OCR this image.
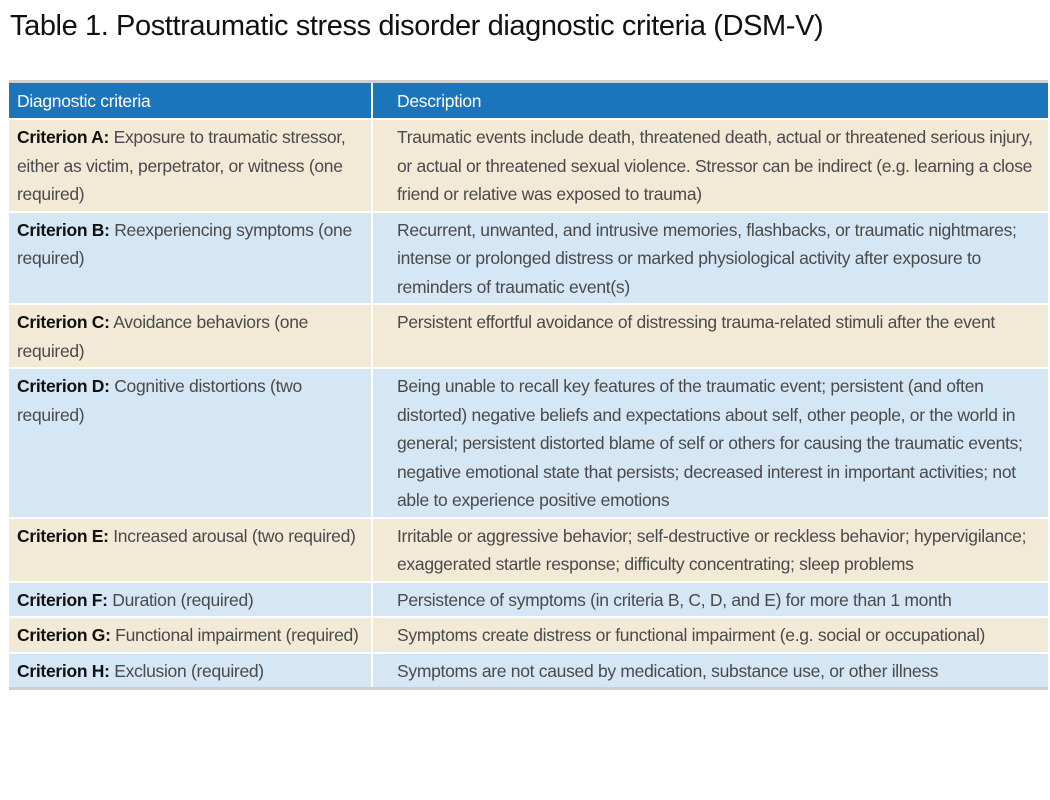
Table 1. Posttraumatic stress disorder diagnostic criteria (DSM-V)
Diagnostic criteria	Description
Criterion A: Exposure to traumatic stressor, either as victim, perpetrator, or witness (one required)	Traumatic events include death, threatened death, actual or threatened serious injury, or actual or threatened sexual violence. Stressor can be indirect (e.g. learning a close friend or relative was exposed to trauma)
Criterion B: Reexperiencing symptoms (one required)	Recurrent, unwanted, and intrusive memories, flashbacks, or traumatic nightmares; intense or prolonged distress or marked physiological activity after exposure to reminders of traumatic event(s)
Criterion C: Avoidance behaviors (one required)	Persistent effortful avoidance of distressing trauma-related stimuli after the event
Criterion D: Cognitive distortions (two required)	Being unable to recall key features of the traumatic event; persistent (and often distorted) negative beliefs and expectations about self, other people, or the world in general; persistent distorted blame of self or others for causing the traumatic events; negative emotional state that persists; decreased interest in important activities; not able to experience positive emotions
Criterion E: Increased arousal (two required)	Irritable or aggressive behavior; self-destructive or reckless behavior; hypervigilance; exaggerated startle response; difficulty concentrating; sleep problems
Criterion F: Duration (required)	Persistence of symptoms (in criteria B, C, D, and E) for more than 1 month
Criterion G: Functional impairment (required)	Symptoms create distress or functional impairment (e.g. social or occupational)
Criterion H: Exclusion (required)	Symptoms are not caused by medication, substance use, or other illness
